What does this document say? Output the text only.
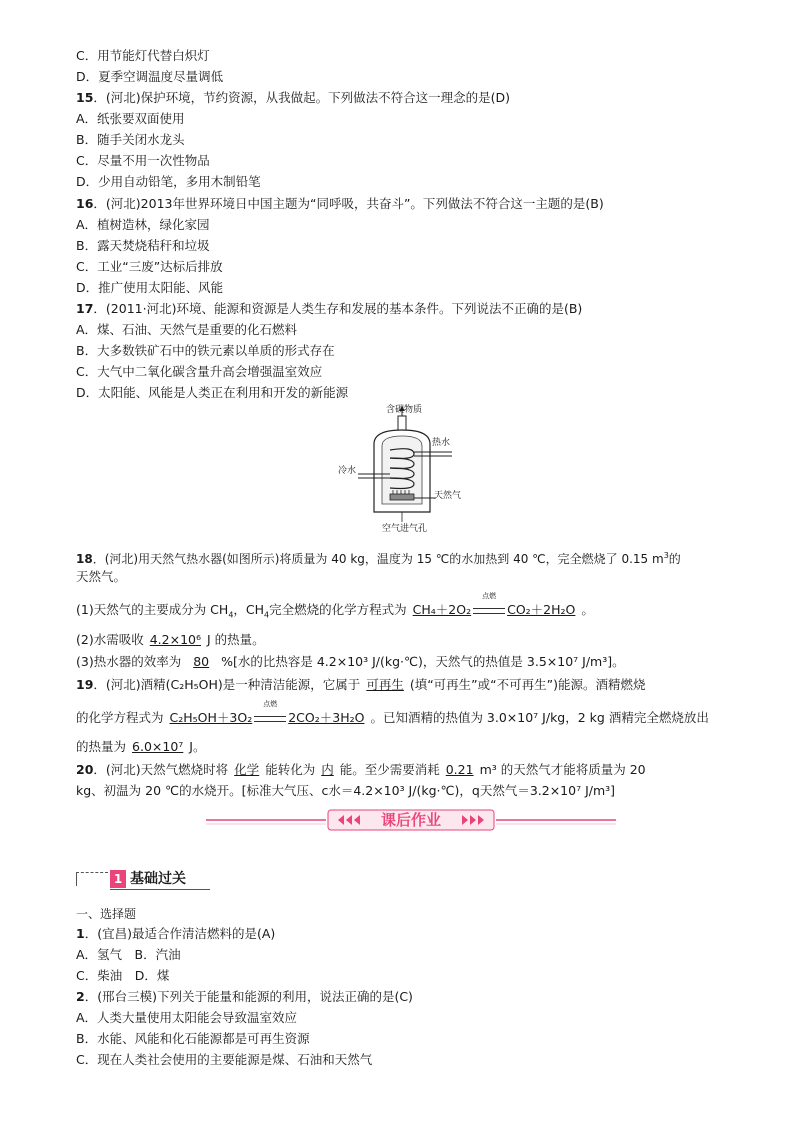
C．用节能灯代替白炽灯
D．夏季空调温度尽量调低
15．(河北)保护环境，节约资源，从我做起。下列做法不符合这一理念的是(D)
A．纸张要双面使用
B．随手关闭水龙头
C．尽量不用一次性物品
D．少用自动铅笔，多用木制铅笔
16．(河北)2013年世界环境日中国主题为“同呼吸，共奋斗”。下列做法不符合这一主题的是(B)
A．植树造林，绿化家园
B．露天焚烧秸秆和垃圾
C．工业“三废”达标后排放
D．推广使用太阳能、风能
17．(2011·河北)环境、能源和资源是人类生存和发展的基本条件。下列说法不正确的是(B)
A．煤、石油、天然气是重要的化石燃料
B．大多数铁矿石中的铁元素以单质的形式存在
C．大气中二氧化碳含量升高会增强温室效应
D．太阳能、风能是人类正在利用和开发的新能源
含碳物质
热水
冷水
天然气
空气进气孔
18．(河北)用天然气热水器(如图所示)将质量为 40 kg，温度为 15 ℃的水加热到 40 ℃，完全燃烧了 0.15 $m^3$的
天然气。
(1)天然气的主要成分为 $CH_4$，$CH_4$完全燃烧的化学方程式为 CH₄＋2O₂
点燃
CO₂＋2H₂O 。
(2)水需吸收 4.2×10⁶ J 的热量。
(3)热水器的效率为 80 %[水的比热容是 4.2×10³ J/(kg·℃)，天然气的热值是 3.5×10⁷ J/m³]。
19．(河北)酒精(C₂H₅OH)是一种清洁能源，它属于 可再生 (填“可再生”或“不可再生”)能源。酒精燃烧
的化学方程式为 C₂H₅OH＋3O₂
点燃
2CO₂＋3H₂O 。已知酒精的热值为 3.0×10⁷ J/kg，2 kg 酒精完全燃烧放出
的热量为 6.0×10⁷ J。
20．(河北)天然气燃烧时将 化学 能转化为 内 能。至少需要消耗 0.21 m³ 的天然气才能将质量为 20
kg、初温为 20 ℃的水烧开。[标准大气压、c水＝4.2×10³ J/(kg·℃)，q天然气＝3.2×10⁷ J/m³]
课后作业
1 基础过关
一、选择题
1．(宜昌)最适合作清洁燃料的是(A)
A．氢气　B．汽油
C．柴油　D．煤
2．(邢台三模)下列关于能量和能源的利用，说法正确的是(C)
A．人类大量使用太阳能会导致温室效应
B．水能、风能和化石能源都是可再生资源
C．现在人类社会使用的主要能源是煤、石油和天然气
